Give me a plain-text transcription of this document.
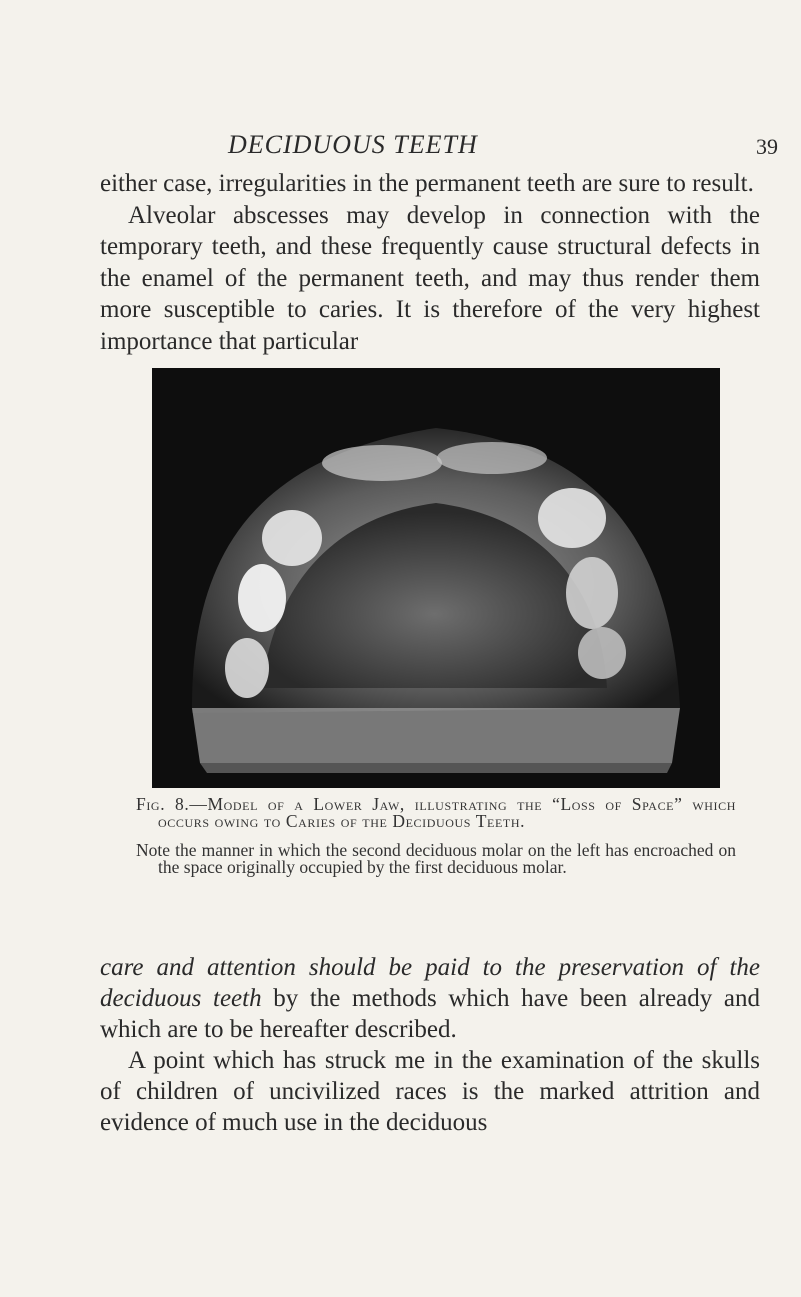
DECIDUOUS TEETH	39

either case, irregularities in the permanent teeth are sure to result.

Alveolar abscesses may develop in connection with the temporary teeth, and these frequently cause structural defects in the enamel of the permanent teeth, and may thus render them more susceptible to caries. It is therefore of the very highest importance that particular

Fig. 8.—Model of a Lower Jaw, illustrating the “Loss of Space” which occurs owing to Caries of the Deciduous Teeth.

Note the manner in which the second deciduous molar on the left has encroached on the space originally occupied by the first deciduous molar.

care and attention should be paid to the preservation of the deciduous teeth by the methods which have been already and which are to be hereafter described.

A point which has struck me in the examination of the skulls of children of uncivilized races is the marked attrition and evidence of much use in the deciduous
